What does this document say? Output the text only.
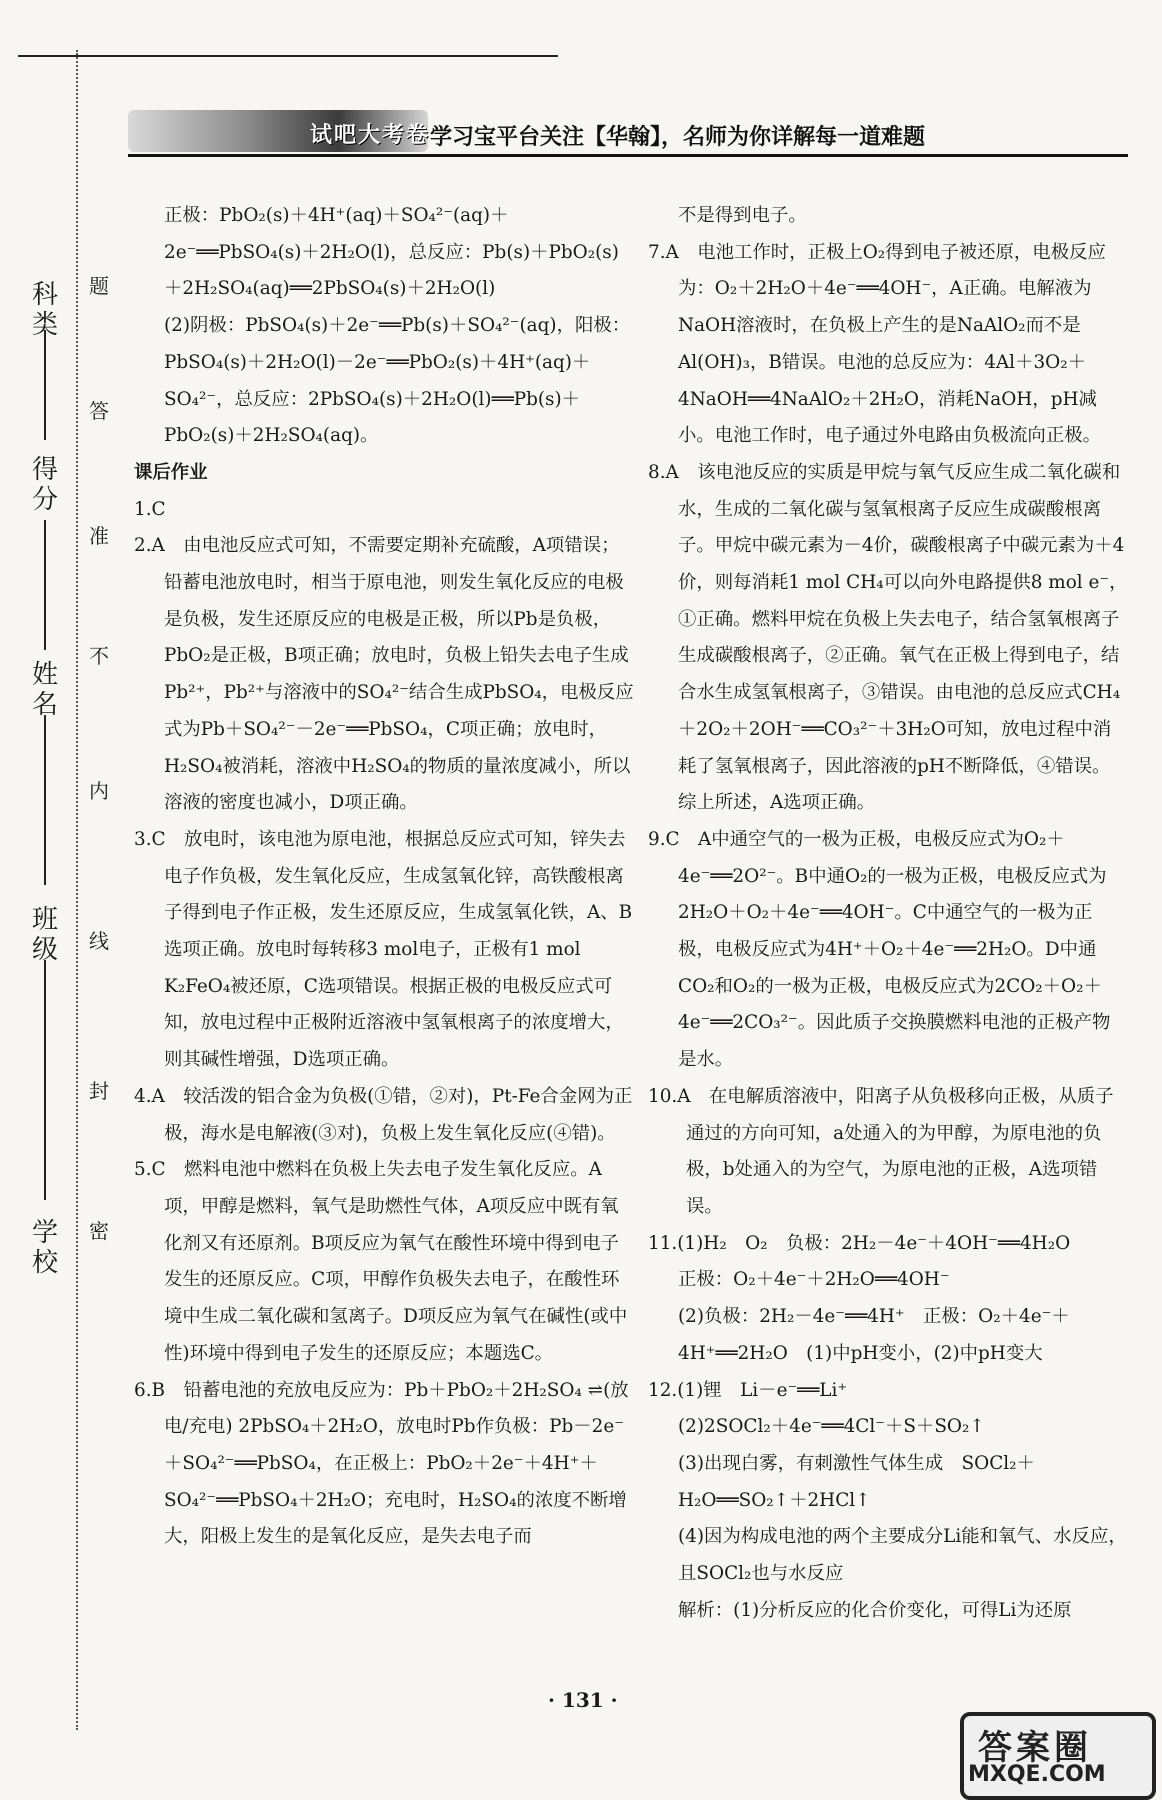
试吧大考卷 学习宝平台关注【华翰】，名师为你详解每一道难题
学校
班级
姓名
得分
科类
密
封
线
内
不
准
答
题

正极：PbO₂(s)＋4H⁺(aq)＋SO₄²⁻(aq)＋2e⁻══PbSO₄(s)＋2H₂O(l)，总反应：Pb(s)＋PbO₂(s)＋2H₂SO₄(aq)══2PbSO₄(s)＋2H₂O(l)

(2)阴极：PbSO₄(s)＋2e⁻══Pb(s)＋SO₄²⁻(aq)，阳极：PbSO₄(s)＋2H₂O(l)－2e⁻══PbO₂(s)＋4H⁺(aq)＋SO₄²⁻，总反应：2PbSO₄(s)＋2H₂O(l)══Pb(s)＋PbO₂(s)＋2H₂SO₄(aq)。

课后作业

1.C

2.A　由电池反应式可知，不需要定期补充硫酸，A项错误；铅蓄电池放电时，相当于原电池，则发生氧化反应的电极是负极，发生还原反应的电极是正极，所以Pb是负极，PbO₂是正极，B项正确；放电时，负极上铅失去电子生成Pb²⁺，Pb²⁺与溶液中的SO₄²⁻结合生成PbSO₄，电极反应式为Pb＋SO₄²⁻－2e⁻══PbSO₄，C项正确；放电时，H₂SO₄被消耗，溶液中H₂SO₄的物质的量浓度减小，所以溶液的密度也减小，D项正确。

3.C　放电时，该电池为原电池，根据总反应式可知，锌失去电子作负极，发生氧化反应，生成氢氧化锌，高铁酸根离子得到电子作正极，发生还原反应，生成氢氧化铁，A、B选项正确。放电时每转移3 mol电子，正极有1 mol K₂FeO₄被还原，C选项错误。根据正极的电极反应式可知，放电过程中正极附近溶液中氢氧根离子的浓度增大，则其碱性增强，D选项正确。

4.A　较活泼的铝合金为负极(①错，②对)，Pt-Fe合金网为正极，海水是电解液(③对)，负极上发生氧化反应(④错)。

5.C　燃料电池中燃料在负极上失去电子发生氧化反应。A项，甲醇是燃料，氧气是助燃性气体，A项反应中既有氧化剂又有还原剂。B项反应为氧气在酸性环境中得到电子发生的还原反应。C项，甲醇作负极失去电子，在酸性环境中生成二氧化碳和氢离子。D项反应为氧气在碱性(或中性)环境中得到电子发生的还原反应；本题选C。

6.B　铅蓄电池的充放电反应为：Pb＋PbO₂＋2H₂SO₄ ⇌(放电/充电) 2PbSO₄＋2H₂O，放电时Pb作负极：Pb－2e⁻＋SO₄²⁻══PbSO₄，在正极上：PbO₂＋2e⁻＋4H⁺＋SO₄²⁻══PbSO₄＋2H₂O；充电时，H₂SO₄的浓度不断增大，阳极上发生的是氧化反应，是失去电子而

不是得到电子。

7.A　电池工作时，正极上O₂得到电子被还原，电极反应为：O₂＋2H₂O＋4e⁻══4OH⁻，A正确。电解液为NaOH溶液时，在负极上产生的是NaAlO₂而不是Al(OH)₃，B错误。电池的总反应为：4Al＋3O₂＋4NaOH══4NaAlO₂＋2H₂O，消耗NaOH，pH减小。电池工作时，电子通过外电路由负极流向正极。

8.A　该电池反应的实质是甲烷与氧气反应生成二氧化碳和水，生成的二氧化碳与氢氧根离子反应生成碳酸根离子。甲烷中碳元素为－4价，碳酸根离子中碳元素为＋4价，则每消耗1 mol CH₄可以向外电路提供8 mol e⁻，①正确。燃料甲烷在负极上失去电子，结合氢氧根离子生成碳酸根离子，②正确。氧气在正极上得到电子，结合水生成氢氧根离子，③错误。由电池的总反应式CH₄＋2O₂＋2OH⁻══CO₃²⁻＋3H₂O可知，放电过程中消耗了氢氧根离子，因此溶液的pH不断降低，④错误。综上所述，A选项正确。

9.C　A中通空气的一极为正极，电极反应式为O₂＋4e⁻══2O²⁻。B中通O₂的一极为正极，电极反应式为2H₂O＋O₂＋4e⁻══4OH⁻。C中通空气的一极为正极，电极反应式为4H⁺＋O₂＋4e⁻══2H₂O。D中通CO₂和O₂的一极为正极，电极反应式为2CO₂＋O₂＋4e⁻══2CO₃²⁻。因此质子交换膜燃料电池的正极产物是水。

10.A　在电解质溶液中，阳离子从负极移向正极，从质子通过的方向可知，a处通入的为甲醇，为原电池的负极，b处通入的为空气，为原电池的正极，A选项错误。

11.(1)H₂　O₂　负极：2H₂－4e⁻＋4OH⁻══4H₂O

正极：O₂＋4e⁻＋2H₂O══4OH⁻

(2)负极：2H₂－4e⁻══4H⁺　正极：O₂＋4e⁻＋4H⁺══2H₂O　(1)中pH变小，(2)中pH变大

12.(1)锂　Li－e⁻══Li⁺

(2)2SOCl₂＋4e⁻══4Cl⁻＋S＋SO₂↑

(3)出现白雾，有刺激性气体生成　SOCl₂＋H₂O══SO₂↑＋2HCl↑

(4)因为构成电池的两个主要成分Li能和氧气、水反应，且SOCl₂也与水反应

解析：(1)分析反应的化合价变化，可得Li为还原

· 131 ·
答案圈
MXQE.COM
